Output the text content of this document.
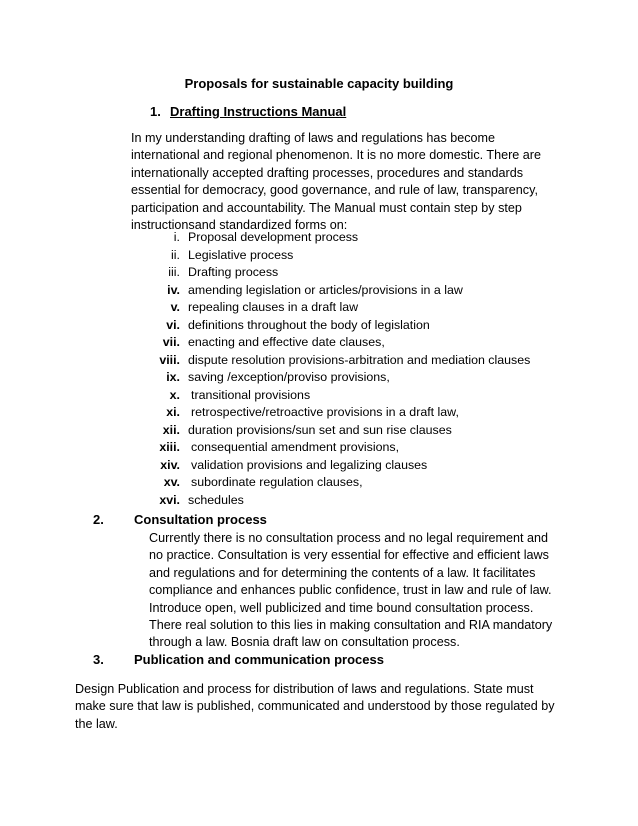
Proposals for sustainable capacity building
1. Drafting Instructions Manual

In my understanding drafting of laws and regulations has become international and regional phenomenon. It is no more domestic. There are internationally accepted drafting processes, procedures and standards essential for democracy, good governance, and rule of law, transparency, participation and accountability. The Manual must contain step by step instructionsand standardized forms on:

i. Proposal development process
ii. Legislative process
iii. Drafting process
iv. amending legislation or articles/provisions in a law
v. repealing clauses in a draft law
vi. definitions throughout the body of legislation
vii. enacting and effective date clauses,
viii. dispute resolution provisions-arbitration and mediation clauses
ix. saving /exception/proviso provisions,
x. transitional provisions
xi. retrospective/retroactive provisions in a draft law,
xii. duration provisions/sun set and sun rise clauses
xiii. consequential amendment provisions,
xiv. validation provisions and legalizing clauses
xv. subordinate regulation clauses,
xvi. schedules
2. Consultation process

Currently there is no consultation process and no legal requirement and no practice. Consultation is very essential for effective and efficient laws and regulations and for determining the contents of a law. It facilitates compliance and enhances public confidence, trust in law and rule of law. Introduce open, well publicized and time bound consultation process. There real solution to this lies in making consultation and RIA mandatory through a law. Bosnia draft law on consultation process.

3. Publication and communication process

Design Publication and process for distribution of laws and regulations. State must make sure that law is published, communicated and understood by those regulated by the law.
